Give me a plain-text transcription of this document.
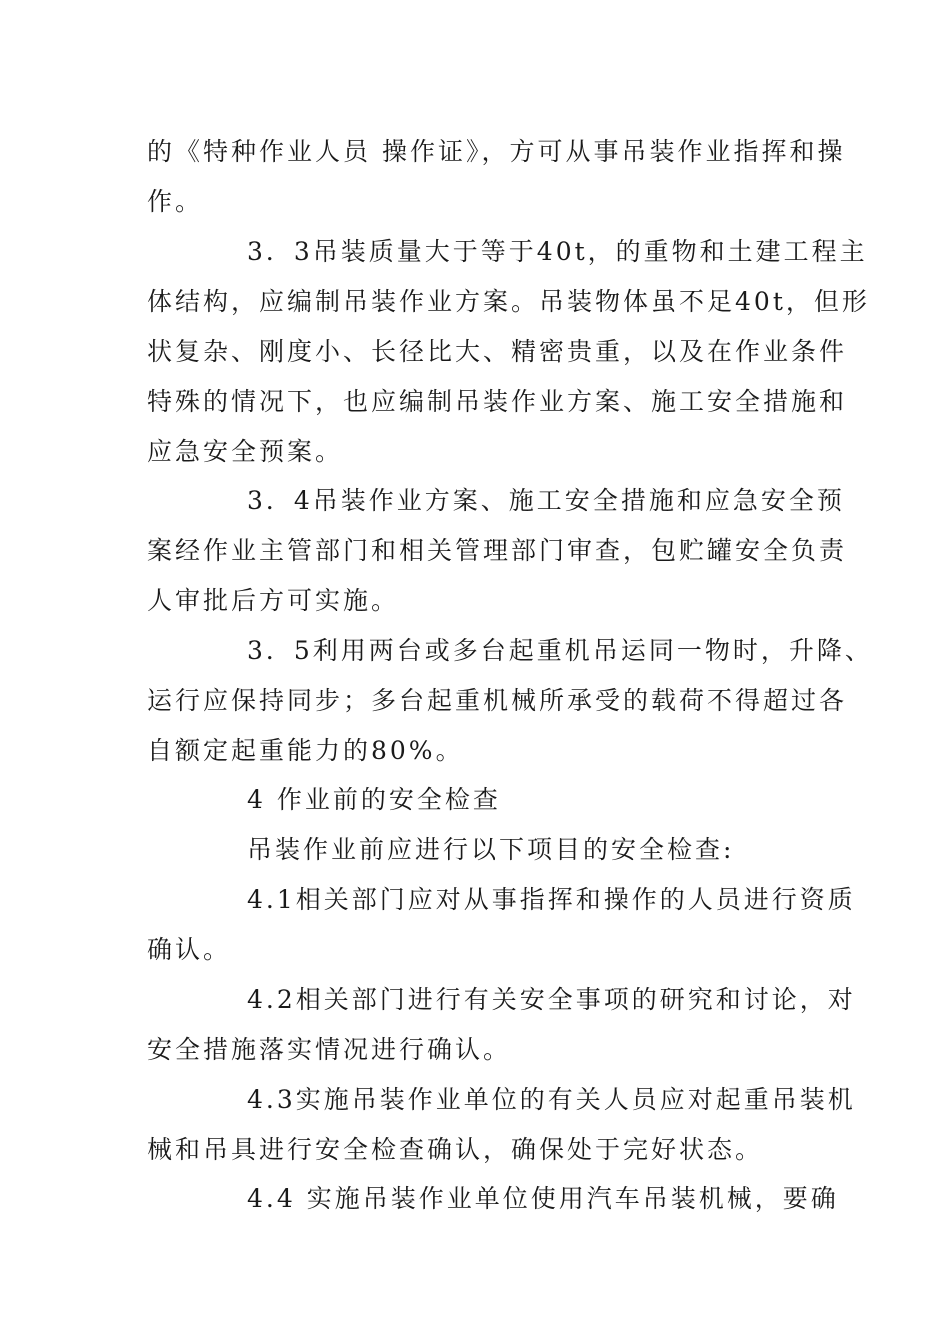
的《特种作业人员 操作证》，方可从事吊装作业指挥和操
作。
3．3吊装质量大于等于40t，的重物和土建工程主
体结构，应编制吊装作业方案。吊装物体虽不足40t，但形
状复杂、刚度小、长径比大、精密贵重，以及在作业条件
特殊的情况下，也应编制吊装作业方案、施工安全措施和
应急安全预案。
3．4吊装作业方案、施工安全措施和应急安全预
案经作业主管部门和相关管理部门审查，包贮罐安全负责
人审批后方可实施。
3．5利用两台或多台起重机吊运同一物时，升降、
运行应保持同步；多台起重机械所承受的载荷不得超过各
自额定起重能力的80%。
4 作业前的安全检查
吊装作业前应进行以下项目的安全检查:
4.1相关部门应对从事指挥和操作的人员进行资质
确认。
4.2相关部门进行有关安全事项的研究和讨论，对
安全措施落实情况进行确认。
4.3实施吊装作业单位的有关人员应对起重吊装机
械和吊具进行安全检查确认，确保处于完好状态。
4.4 实施吊装作业单位使用汽车吊装机械，要确
